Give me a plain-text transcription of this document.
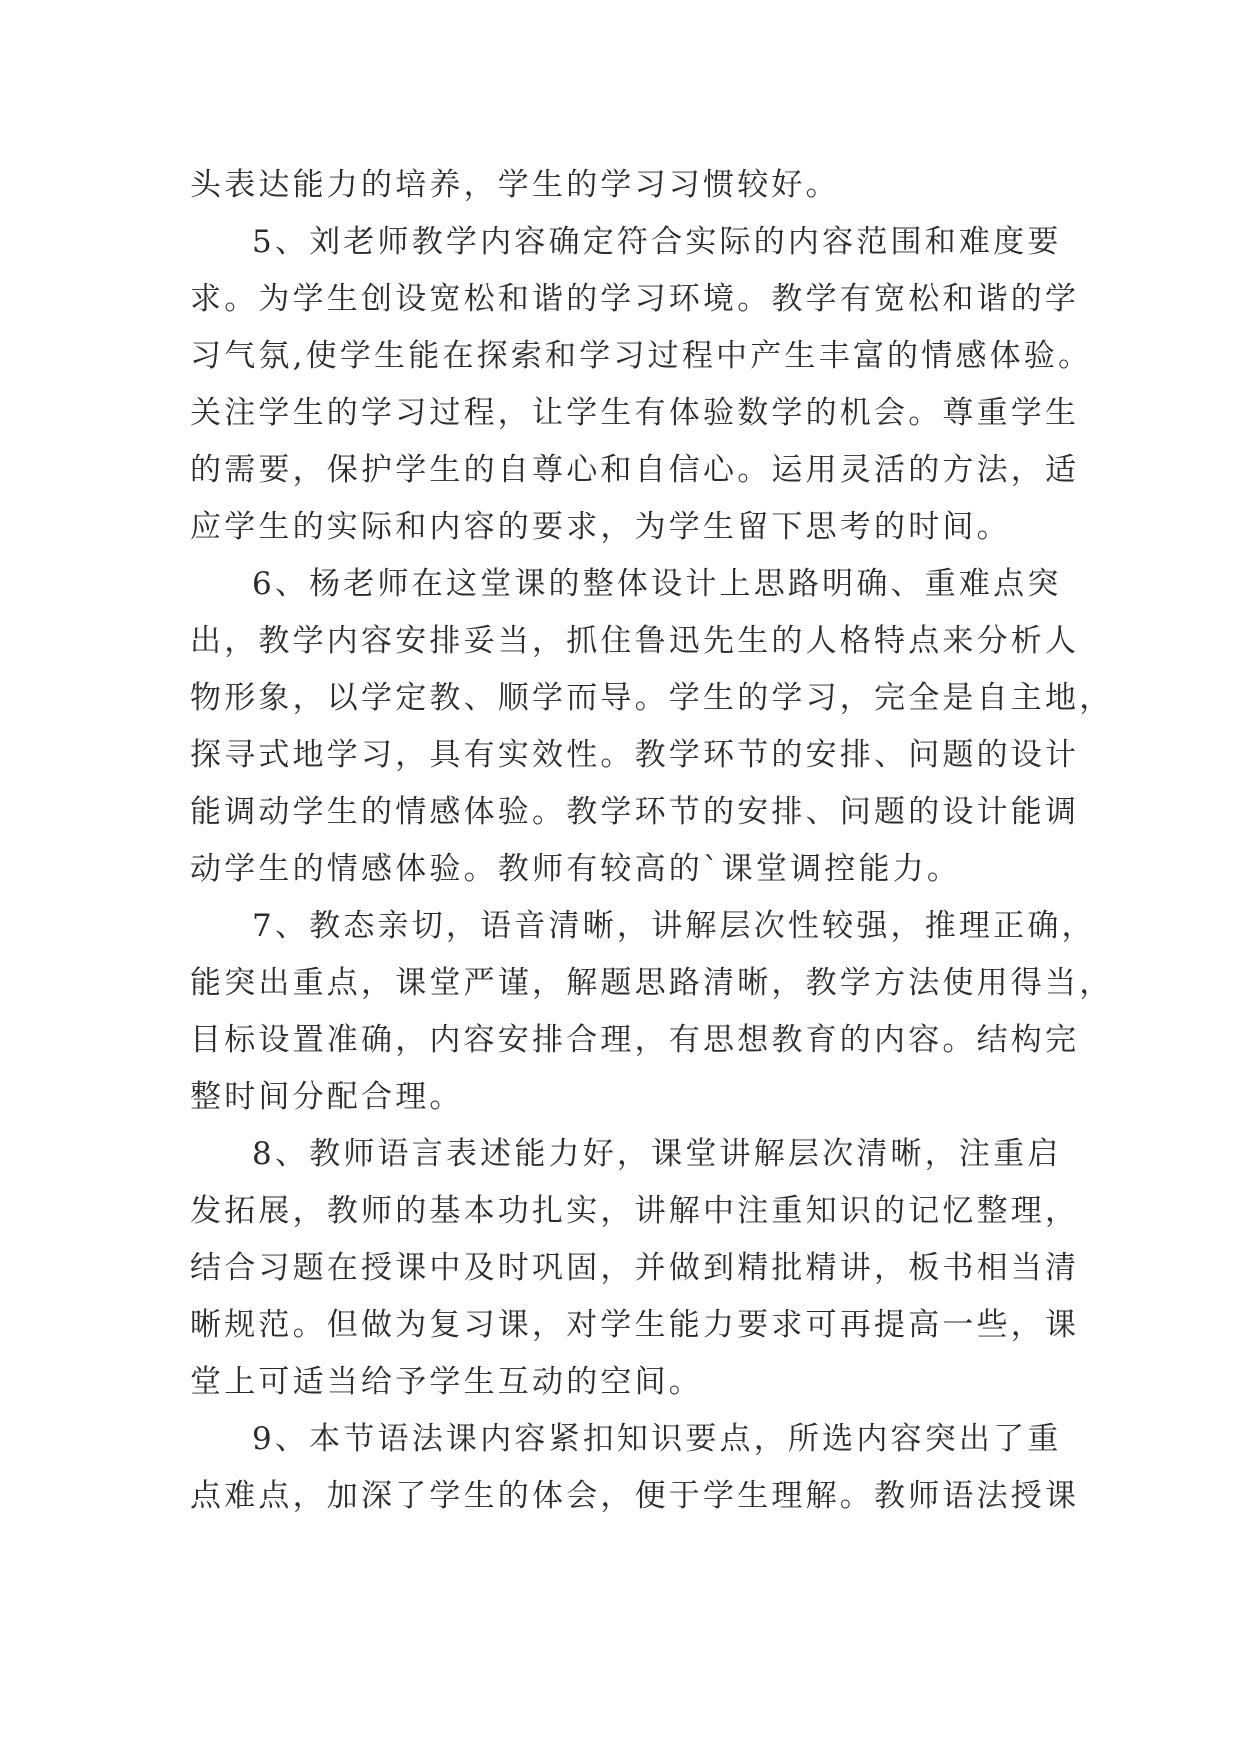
头表达能力的培养，学生的学习习惯较好。
5、刘老师教学内容确定符合实际的内容范围和难度要
求。为学生创设宽松和谐的学习环境。教学有宽松和谐的学
习气氛,使学生能在探索和学习过程中产生丰富的情感体验。
关注学生的学习过程，让学生有体验数学的机会。尊重学生
的需要，保护学生的自尊心和自信心。运用灵活的方法，适
应学生的实际和内容的要求，为学生留下思考的时间。
6、杨老师在这堂课的整体设计上思路明确、重难点突
出，教学内容安排妥当，抓住鲁迅先生的人格特点来分析人
物形象，以学定教、顺学而导。学生的学习，完全是自主地，
探寻式地学习，具有实效性。教学环节的安排、问题的设计
能调动学生的情感体验。教学环节的安排、问题的设计能调
动学生的情感体验。教师有较高的`课堂调控能力。
7、教态亲切，语音清晰，讲解层次性较强，推理正确，
能突出重点，课堂严谨，解题思路清晰，教学方法使用得当，
目标设置准确，内容安排合理，有思想教育的内容。结构完
整时间分配合理。
8、教师语言表述能力好，课堂讲解层次清晰，注重启
发拓展，教师的基本功扎实，讲解中注重知识的记忆整理，
结合习题在授课中及时巩固，并做到精批精讲，板书相当清
晰规范。但做为复习课，对学生能力要求可再提高一些，课
堂上可适当给予学生互动的空间。
9、本节语法课内容紧扣知识要点，所选内容突出了重
点难点，加深了学生的体会，便于学生理解。教师语法授课
